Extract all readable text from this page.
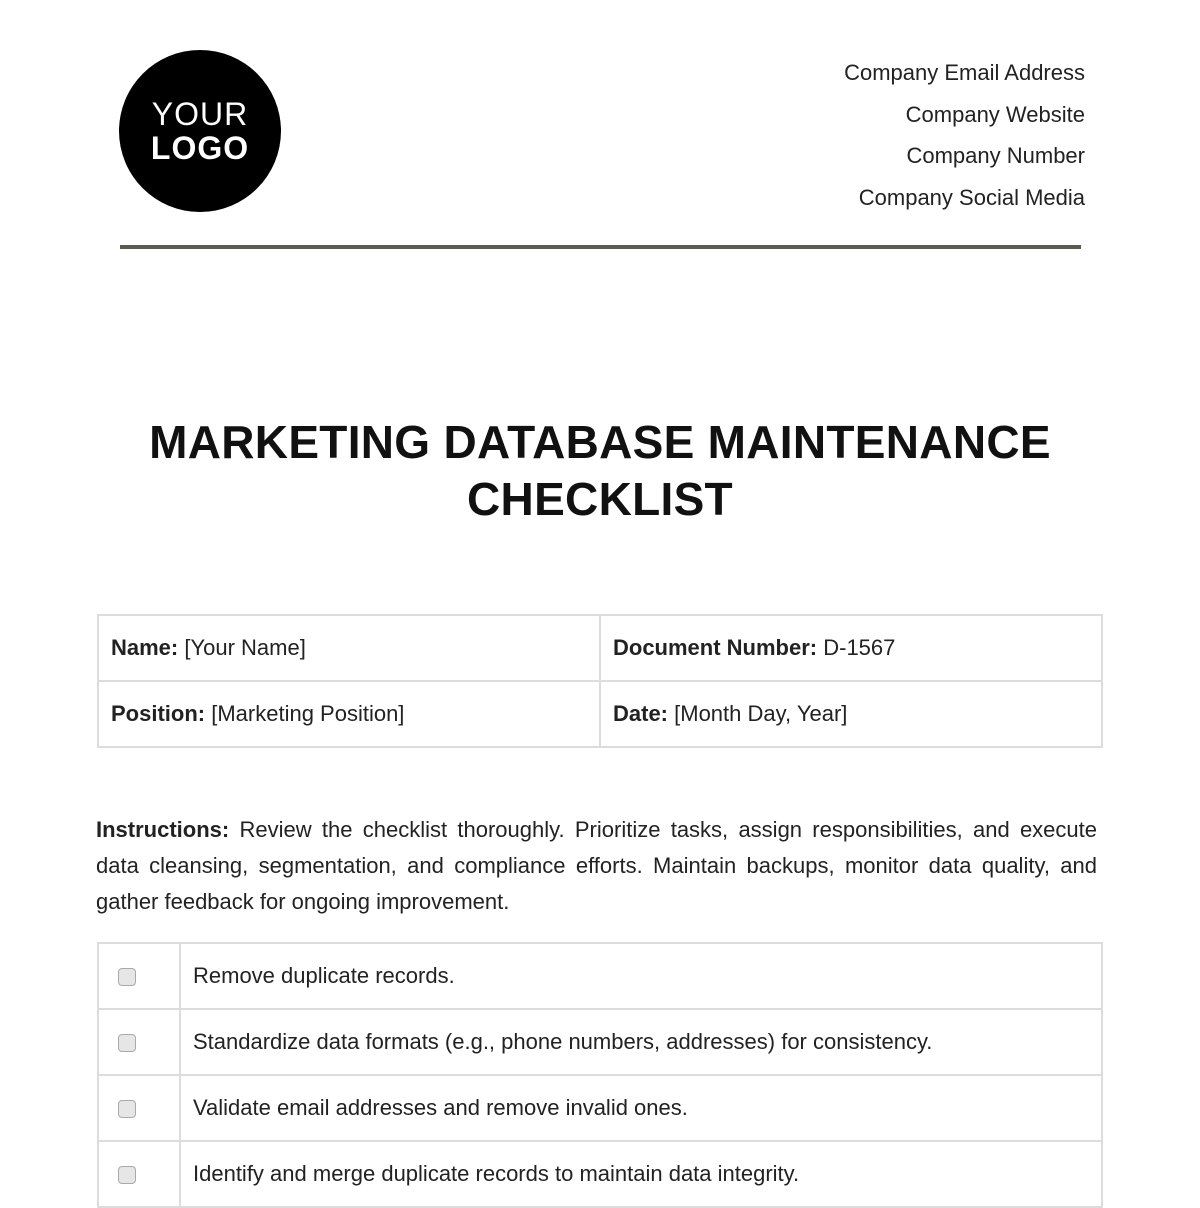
YOUR
LOGO
Company Email Address
Company Website
Company Number
Company Social Media
MARKETING DATABASE MAINTENANCE
CHECKLIST
Name: [Your Name]	Document Number: D-1567
Position: [Marketing Position]	Date: [Month Day, Year]
Instructions: Review the checklist thoroughly. Prioritize tasks, assign responsibilities, and execute data cleansing, segmentation, and compliance efforts. Maintain backups, monitor data quality, and gather feedback for ongoing improvement.
	Remove duplicate records.

	Standardize data formats (e.g., phone numbers, addresses) for consistency.

	Validate email addresses and remove invalid ones.

	Identify and merge duplicate records to maintain data integrity.
